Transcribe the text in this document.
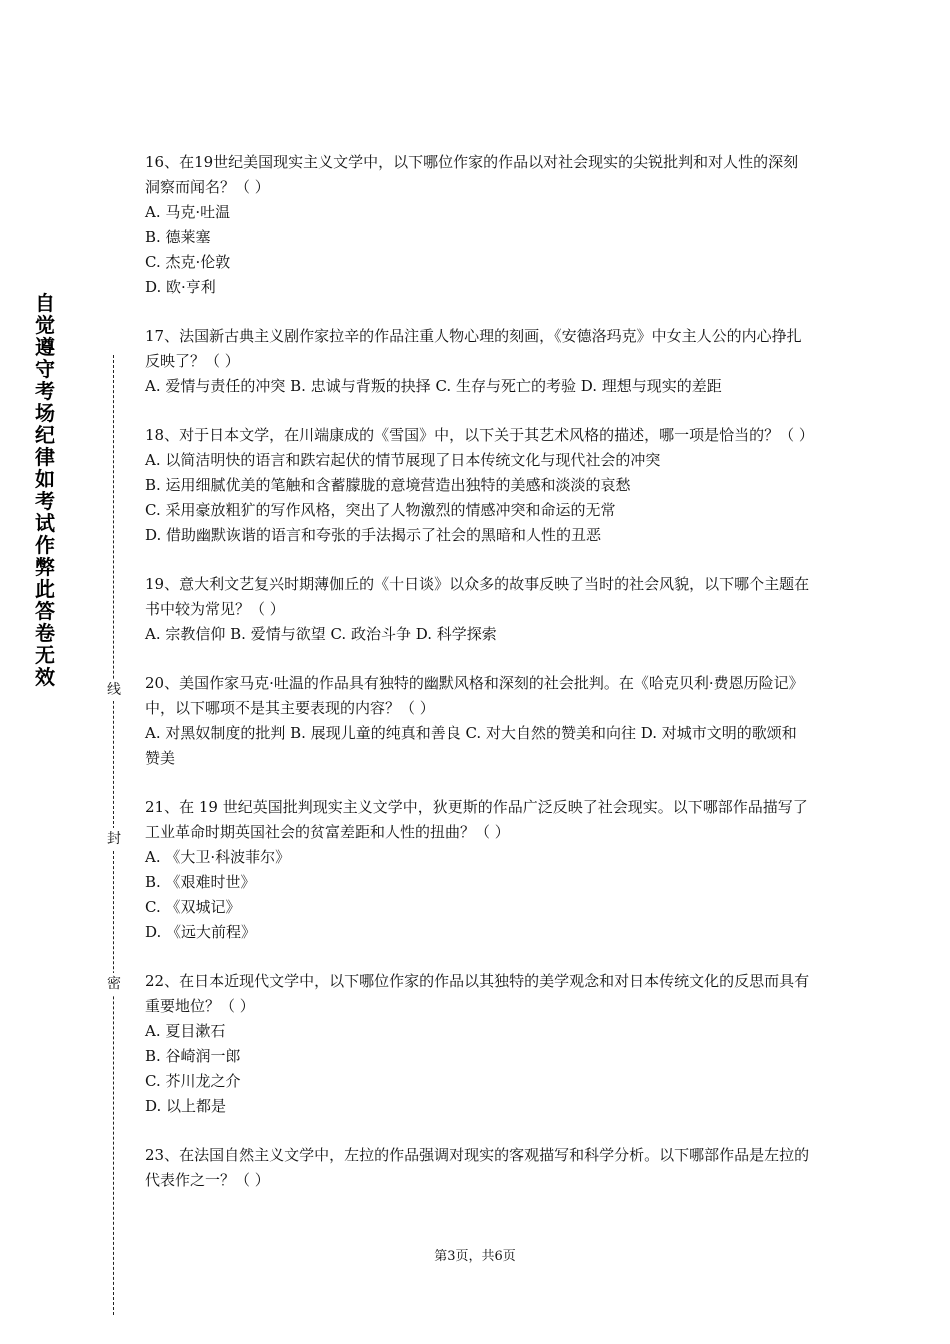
自觉遵守考场纪律如考试作弊此答卷无效
线
封
密

16、在19世纪美国现实主义文学中，以下哪位作家的作品以对社会现实的尖锐批判和对人性的深刻洞察而闻名？（ ）

A. 马克·吐温

B. 德莱塞

C. 杰克·伦敦

D. 欧·亨利

17、法国新古典主义剧作家拉辛的作品注重人物心理的刻画，《安德洛玛克》中女主人公的内心挣扎反映了？（ ）

A. 爱情与责任的冲突 B. 忠诚与背叛的抉择 C. 生存与死亡的考验 D. 理想与现实的差距

18、对于日本文学，在川端康成的《雪国》中，以下关于其艺术风格的描述，哪一项是恰当的？（ ）

A. 以简洁明快的语言和跌宕起伏的情节展现了日本传统文化与现代社会的冲突

B. 运用细腻优美的笔触和含蓄朦胧的意境营造出独特的美感和淡淡的哀愁

C. 采用豪放粗犷的写作风格，突出了人物激烈的情感冲突和命运的无常

D. 借助幽默诙谐的语言和夸张的手法揭示了社会的黑暗和人性的丑恶

19、意大利文艺复兴时期薄伽丘的《十日谈》以众多的故事反映了当时的社会风貌，以下哪个主题在书中较为常见？（ ）

A. 宗教信仰 B. 爱情与欲望 C. 政治斗争 D. 科学探索

20、美国作家马克·吐温的作品具有独特的幽默风格和深刻的社会批判。在《哈克贝利·费恩历险记》中，以下哪项不是其主要表现的内容？（ ）

A. 对黑奴制度的批判 B. 展现儿童的纯真和善良 C. 对大自然的赞美和向往 D. 对城市文明的歌颂和赞美

21、在 19 世纪英国批判现实主义文学中，狄更斯的作品广泛反映了社会现实。以下哪部作品描写了工业革命时期英国社会的贫富差距和人性的扭曲？（ ）

A. 《大卫·科波菲尔》

B. 《艰难时世》

C. 《双城记》

D. 《远大前程》

22、在日本近现代文学中，以下哪位作家的作品以其独特的美学观念和对日本传统文化的反思而具有重要地位？（ ）

A. 夏目漱石

B. 谷崎润一郎

C. 芥川龙之介

D. 以上都是

23、在法国自然主义文学中，左拉的作品强调对现实的客观描写和科学分析。以下哪部作品是左拉的代表作之一？（ ）

第3页，共6页
